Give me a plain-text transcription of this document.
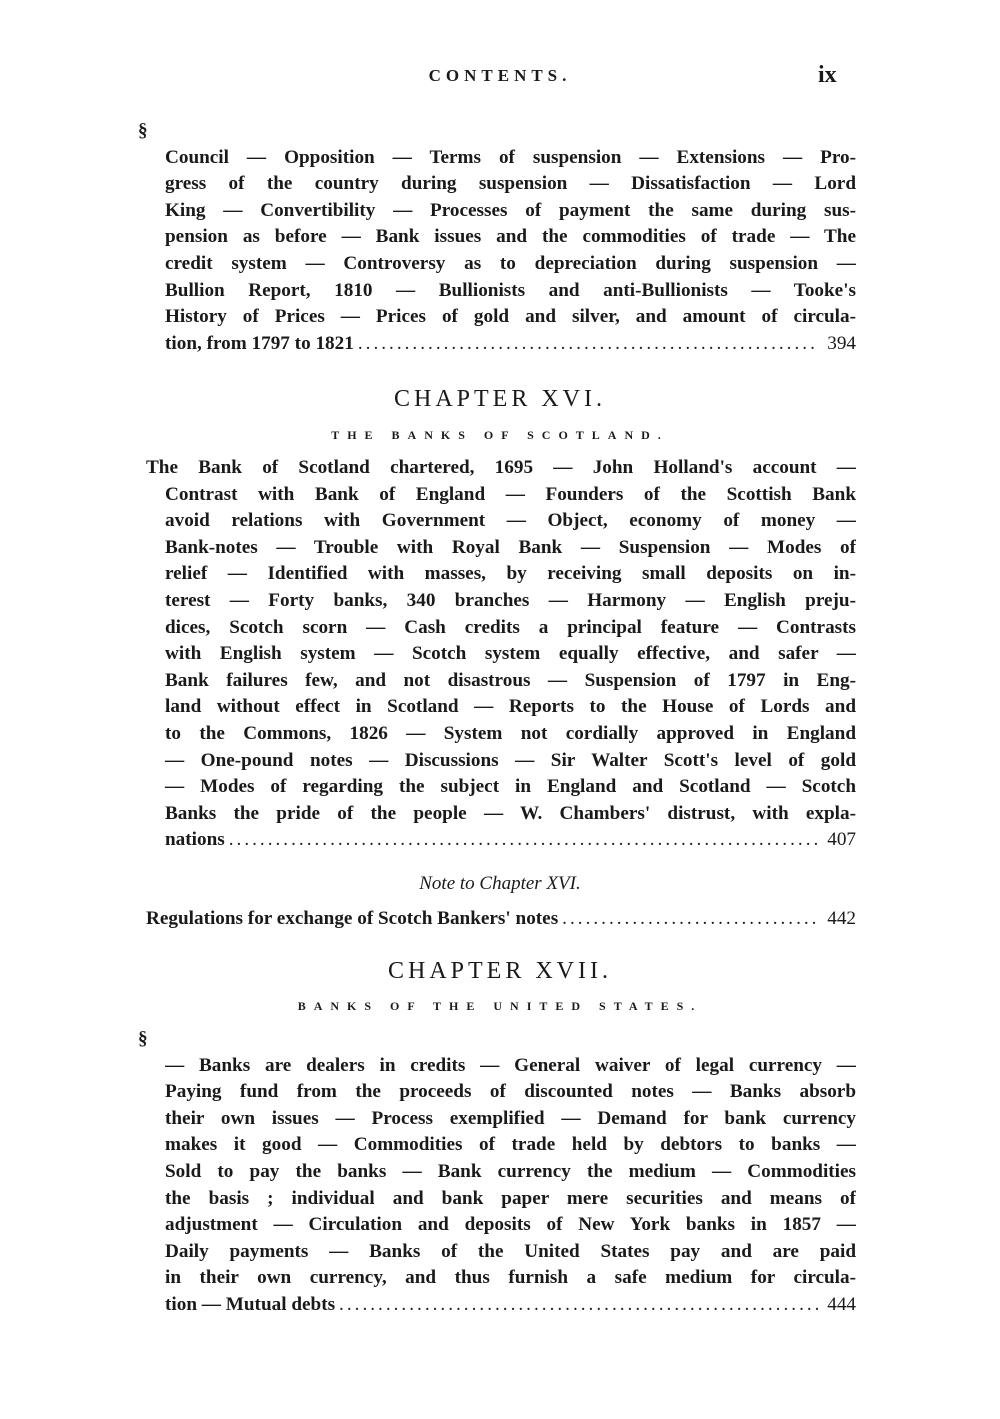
CONTENTS.	ix
§
Council — Opposition — Terms of suspension — Extensions — Pro-
gress of the country during suspension — Dissatisfaction — Lord
King — Convertibility — Processes of payment the same during sus-
pension as before — Bank issues and the commodities of trade — The
credit system — Controversy as to depreciation during suspension —
Bullion Report, 1810 — Bullionists and anti-Bullionists — Tooke's
History of Prices — Prices of gold and silver, and amount of circula-
tion, from 1797 to 1821 .....	394
CHAPTER XVI.
THE BANKS OF SCOTLAND.
The Bank of Scotland chartered, 1695 — John Holland's account —
Contrast with Bank of England — Founders of the Scottish Bank
avoid relations with Government — Object, economy of money —
Bank-notes — Trouble with Royal Bank — Suspension — Modes of
relief — Identified with masses, by receiving small deposits on in-
terest — Forty banks, 340 branches — Harmony — English preju-
dices, Scotch scorn — Cash credits a principal feature — Contrasts
with English system — Scotch system equally effective, and safer —
Bank failures few, and not disastrous — Suspension of 1797 in Eng-
land without effect in Scotland — Reports to the House of Lords and
to the Commons, 1826 — System not cordially approved in England
— One-pound notes — Discussions — Sir Walter Scott's level of gold
— Modes of regarding the subject in England and Scotland — Scotch
Banks the pride of the people — W. Chambers' distrust, with expla-
nations .....	407
Note to Chapter XVI.
Regulations for exchange of Scotch Bankers' notes .....	442
CHAPTER XVII.
BANKS OF THE UNITED STATES.
§
— Banks are dealers in credits — General waiver of legal currency —
Paying fund from the proceeds of discounted notes — Banks absorb
their own issues — Process exemplified — Demand for bank currency
makes it good — Commodities of trade held by debtors to banks —
Sold to pay the banks — Bank currency the medium — Commodities
the basis ; individual and bank paper mere securities and means of
adjustment — Circulation and deposits of New York banks in 1857 —
Daily payments — Banks of the United States pay and are paid
in their own currency, and thus furnish a safe medium for circula-
tion — Mutual debts .....	444
